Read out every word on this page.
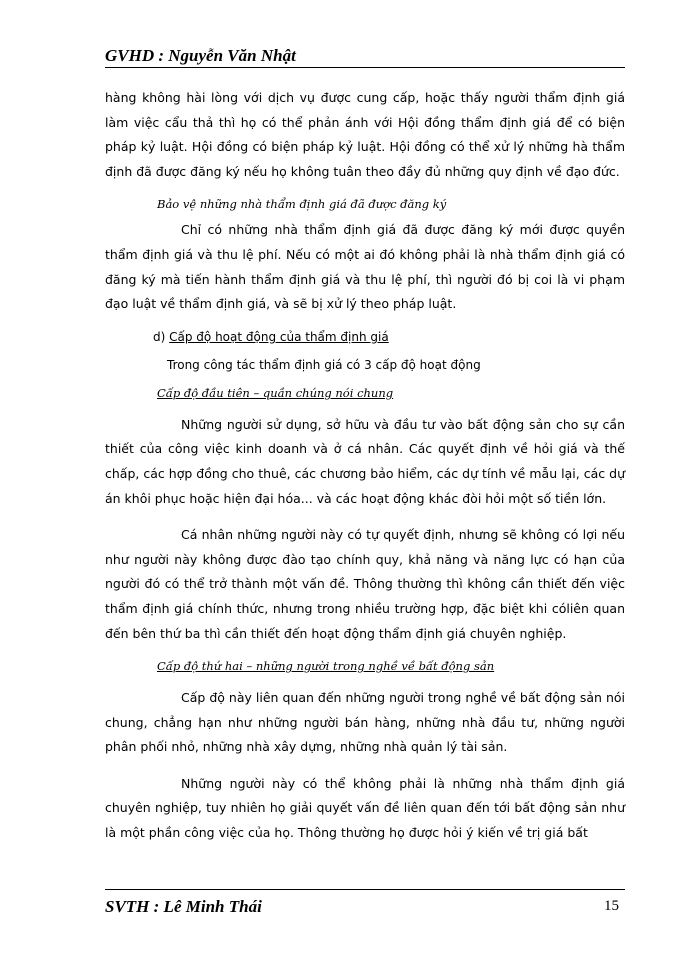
GVHD : Nguyễn Văn Nhật

hàng không hài lòng với dịch vụ được cung cấp, hoặc thấy người thẩm định giá làm việc cẩu thả thì họ có thể phản ánh với Hội đồng thẩm định giá để có biện pháp kỷ luật. Hội đồng có biện pháp kỷ luật. Hội đồng có thể xử lý những hà thẩm định đã được đăng ký nếu họ không tuân theo đầy đủ những quy định về đạo đức.

Bảo vệ những nhà thẩm định giá đã được đăng ký

Chỉ có những nhà thẩm định giá đã được đăng ký mới được quyền thẩm định giá và thu lệ phí. Nếu có một ai đó không phải là nhà thẩm định giá có đăng ký mà tiến hành thẩm định giá và thu lệ phí, thì người đó bị coi là vi phạm đạo luật về thẩm định giá, và sẽ bị xử lý theo pháp luật.

d) Cấp độ hoạt động của thẩm định giá

Trong công tác thẩm định giá có 3 cấp độ hoạt động

Cấp độ đầu tiên – quần chúng nói chung

Những người sử dụng, sở hữu và đầu tư vào bất động sản cho sự cần thiết của công việc kinh doanh và ở cá nhân. Các quyết định về hỏi giá và thế chấp, các hợp đồng cho thuê, các chương bảo hiểm, các dự tính về mẫu lại, các dự án khôi phục hoặc hiện đại hóa... và các hoạt động khác đòi hỏi một số tiền lớn.

Cá nhân những người này có tự quyết định, nhưng sẽ không có lợi nếu như người này không được đào tạo chính quy, khả năng và năng lực có hạn của người đó có thể trở thành một vấn đề. Thông thường thì không cần thiết đến việc thẩm định giá chính thức, nhưng trong nhiều trường hợp, đặc biệt khi cóliên quan đến bên thứ ba thì cần thiết đến hoạt động thẩm định giá chuyên nghiệp.

Cấp độ thứ hai – những người trong nghề về bất động sản

Cấp độ này liên quan đến những người trong nghề về bất động sản nói chung, chẳng hạn như những người bán hàng, những nhà đầu tư, những người phân phối nhỏ, những nhà xây dựng, những nhà quản lý tài sản.

Những người này có thể không phải là những nhà thẩm định giá chuyên nghiệp, tuy nhiên họ giải quyết vấn đề liên quan đến tới bất động sản như là một phần công việc của họ. Thông thường họ được hỏi ý kiến về trị giá bất

SVTH : Lê Minh Thái	15
